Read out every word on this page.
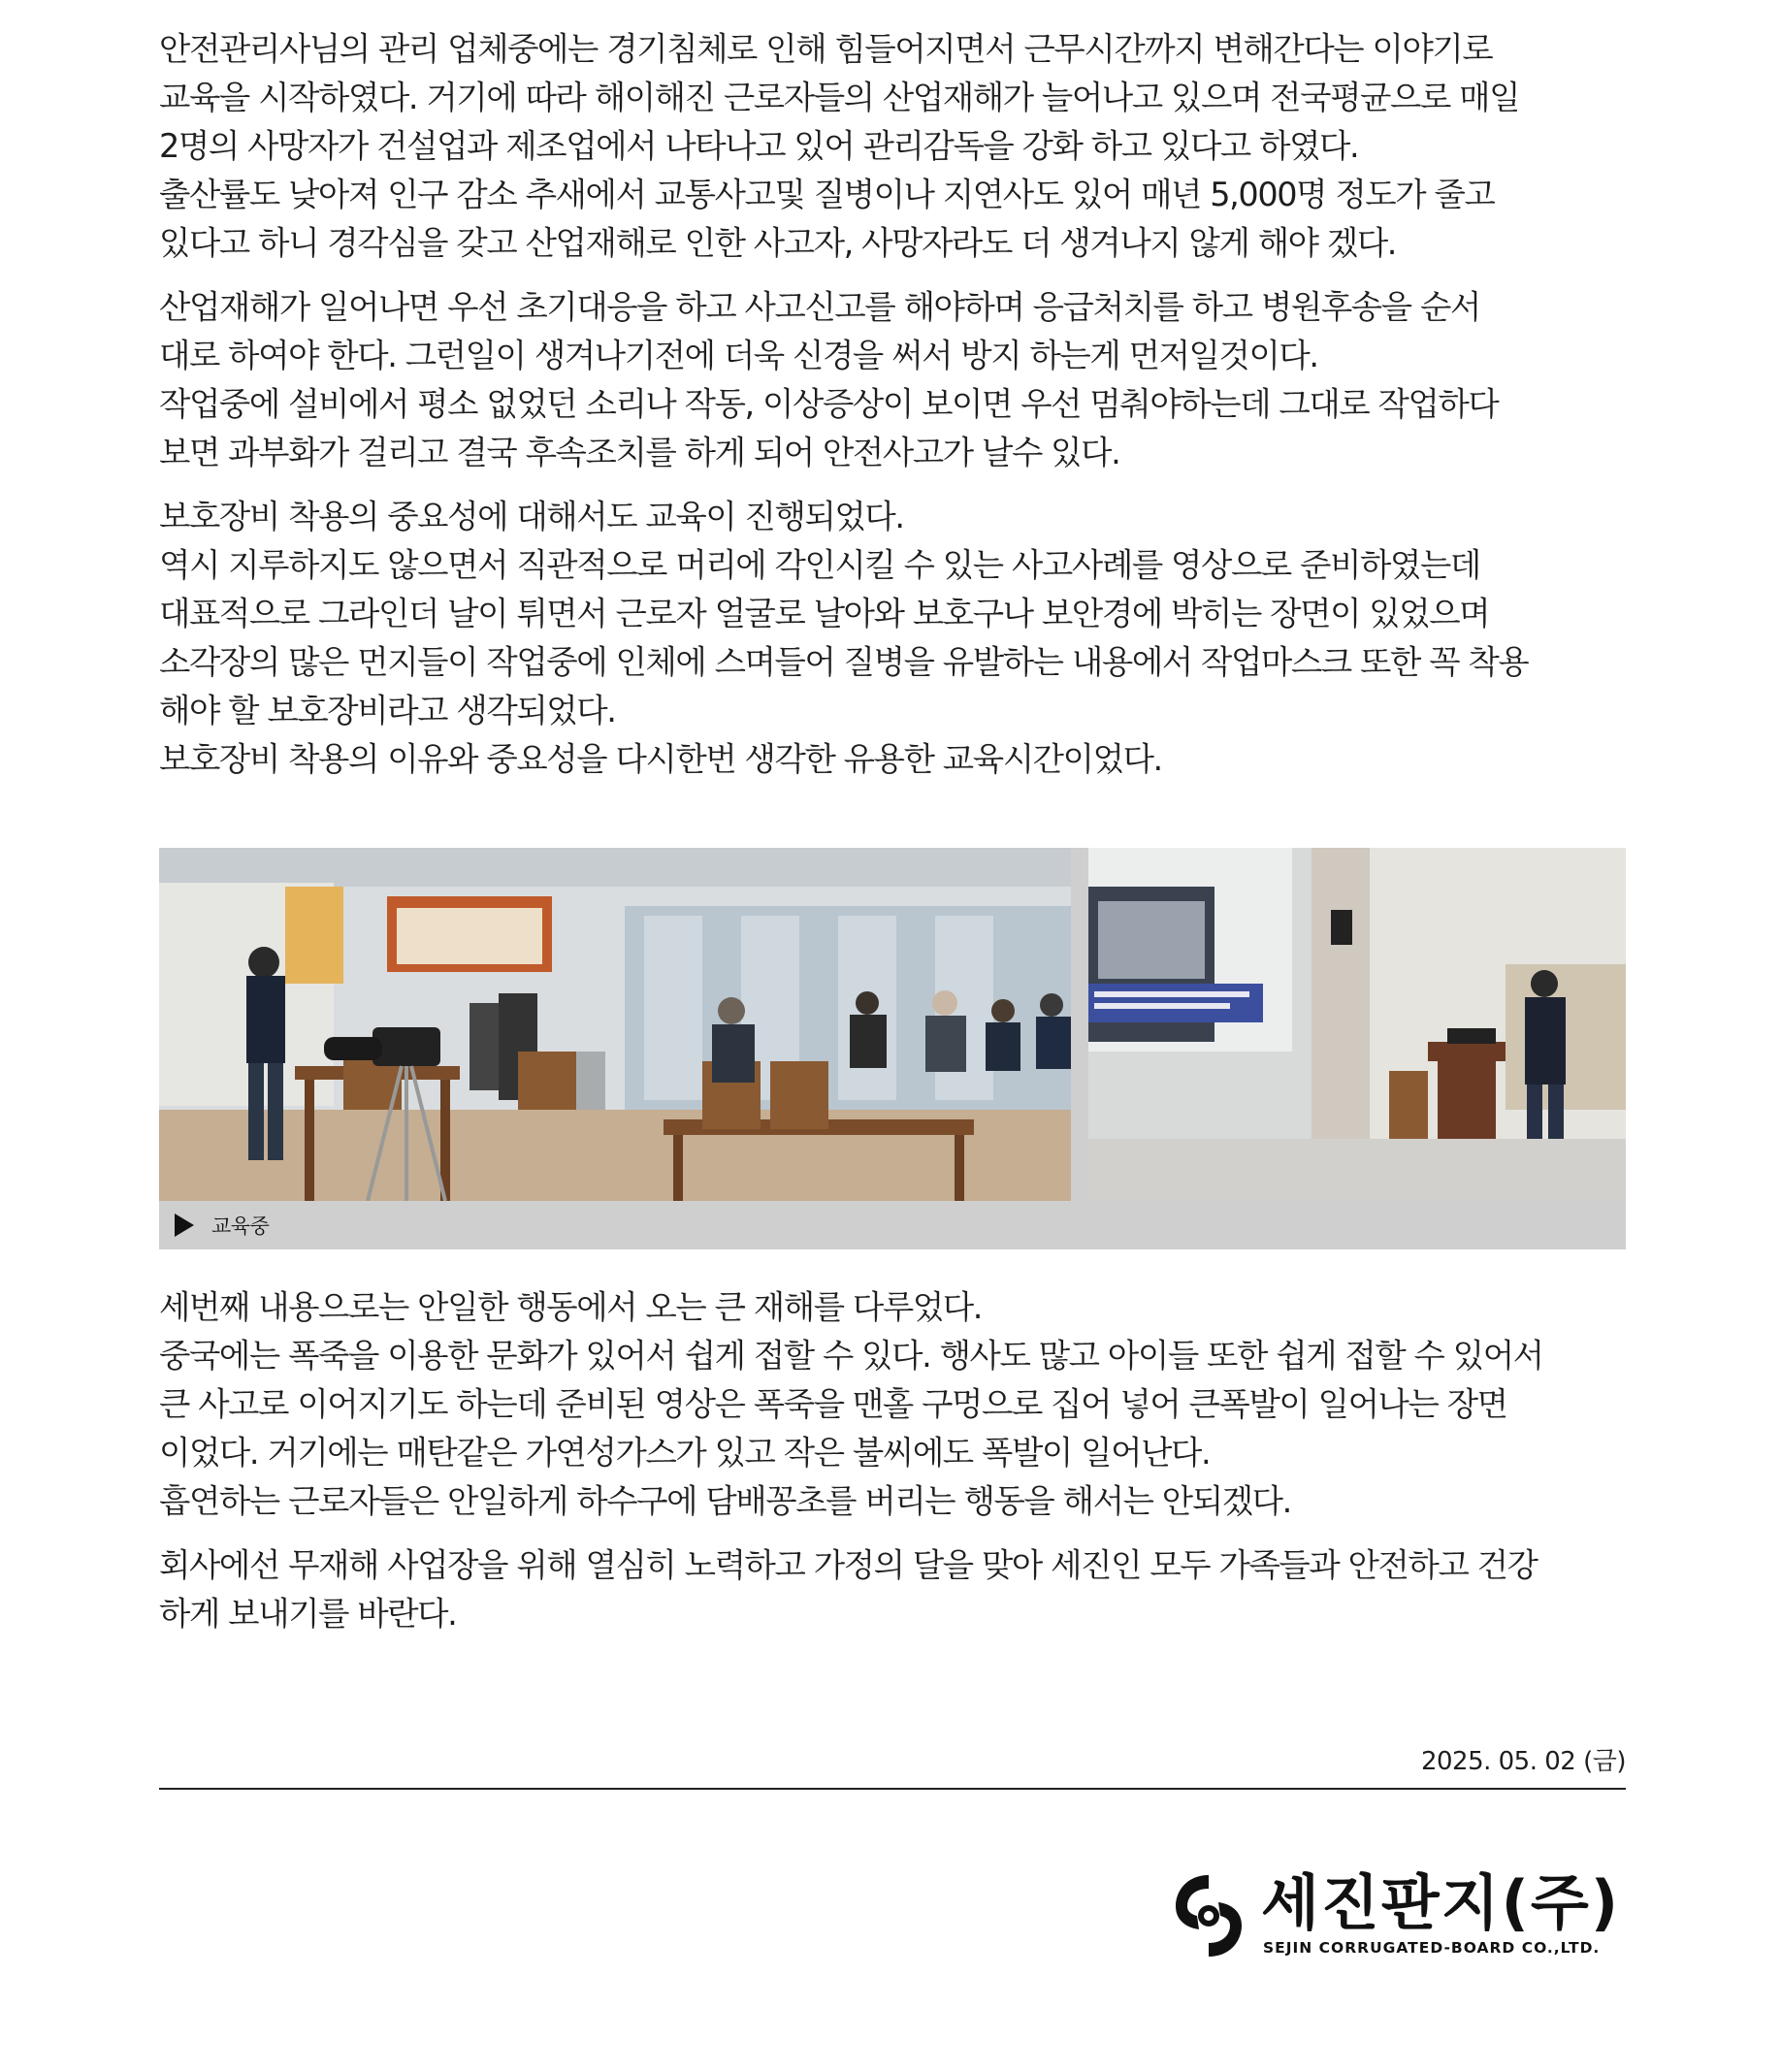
안전관리사님의 관리 업체중에는 경기침체로 인해 힘들어지면서 근무시간까지 변해간다는 이야기로
교육을 시작하였다. 거기에 따라 해이해진 근로자들의 산업재해가 늘어나고 있으며 전국평균으로 매일
2명의 사망자가 건설업과 제조업에서 나타나고 있어 관리감독을 강화 하고 있다고 하였다.
출산률도 낮아져 인구 감소 추새에서 교통사고및 질병이나 지연사도 있어 매년 5,000명 정도가 줄고
있다고 하니 경각심을 갖고 산업재해로 인한 사고자, 사망자라도 더 생겨나지 않게 해야 겠다.

산업재해가 일어나면 우선 초기대응을 하고 사고신고를 해야하며 응급처치를 하고 병원후송을 순서
대로 하여야 한다. 그런일이 생겨나기전에 더욱 신경을 써서 방지 하는게 먼저일것이다.
작업중에 설비에서 평소 없었던 소리나 작동, 이상증상이 보이면 우선 멈춰야하는데 그대로 작업하다
보면 과부화가 걸리고 결국 후속조치를 하게 되어 안전사고가 날수 있다.

보호장비 착용의 중요성에 대해서도 교육이 진행되었다.
역시 지루하지도 않으면서 직관적으로 머리에 각인시킬 수 있는 사고사례를 영상으로 준비하였는데
대표적으로 그라인더 날이 튀면서 근로자 얼굴로 날아와 보호구나 보안경에 박히는 장면이 있었으며
소각장의 많은 먼지들이 작업중에 인체에 스며들어 질병을 유발하는 내용에서 작업마스크 또한 꼭 착용
해야 할 보호장비라고 생각되었다.
보호장비 착용의 이유와 중요성을 다시한번 생각한 유용한 교육시간이었다.

교육중

세번째 내용으로는 안일한 행동에서 오는 큰 재해를 다루었다.
중국에는 폭죽을 이용한 문화가 있어서 쉽게 접할 수 있다. 행사도 많고 아이들 또한 쉽게 접할 수 있어서
큰 사고로 이어지기도 하는데 준비된 영상은 폭죽을 맨홀 구멍으로 집어 넣어 큰폭발이 일어나는 장면
이었다. 거기에는 매탄같은 가연성가스가 있고 작은 불씨에도 폭발이 일어난다.
흡연하는 근로자들은 안일하게 하수구에 담배꽁초를 버리는 행동을 해서는 안되겠다.

회사에선 무재해 사업장을 위해 열심히 노력하고 가정의 달을 맞아 세진인 모두 가족들과 안전하고 건강
하게 보내기를 바란다.

2025. 05. 02 (금)
세진판지(주)
SEJIN CORRUGATED-BOARD CO.,LTD.
